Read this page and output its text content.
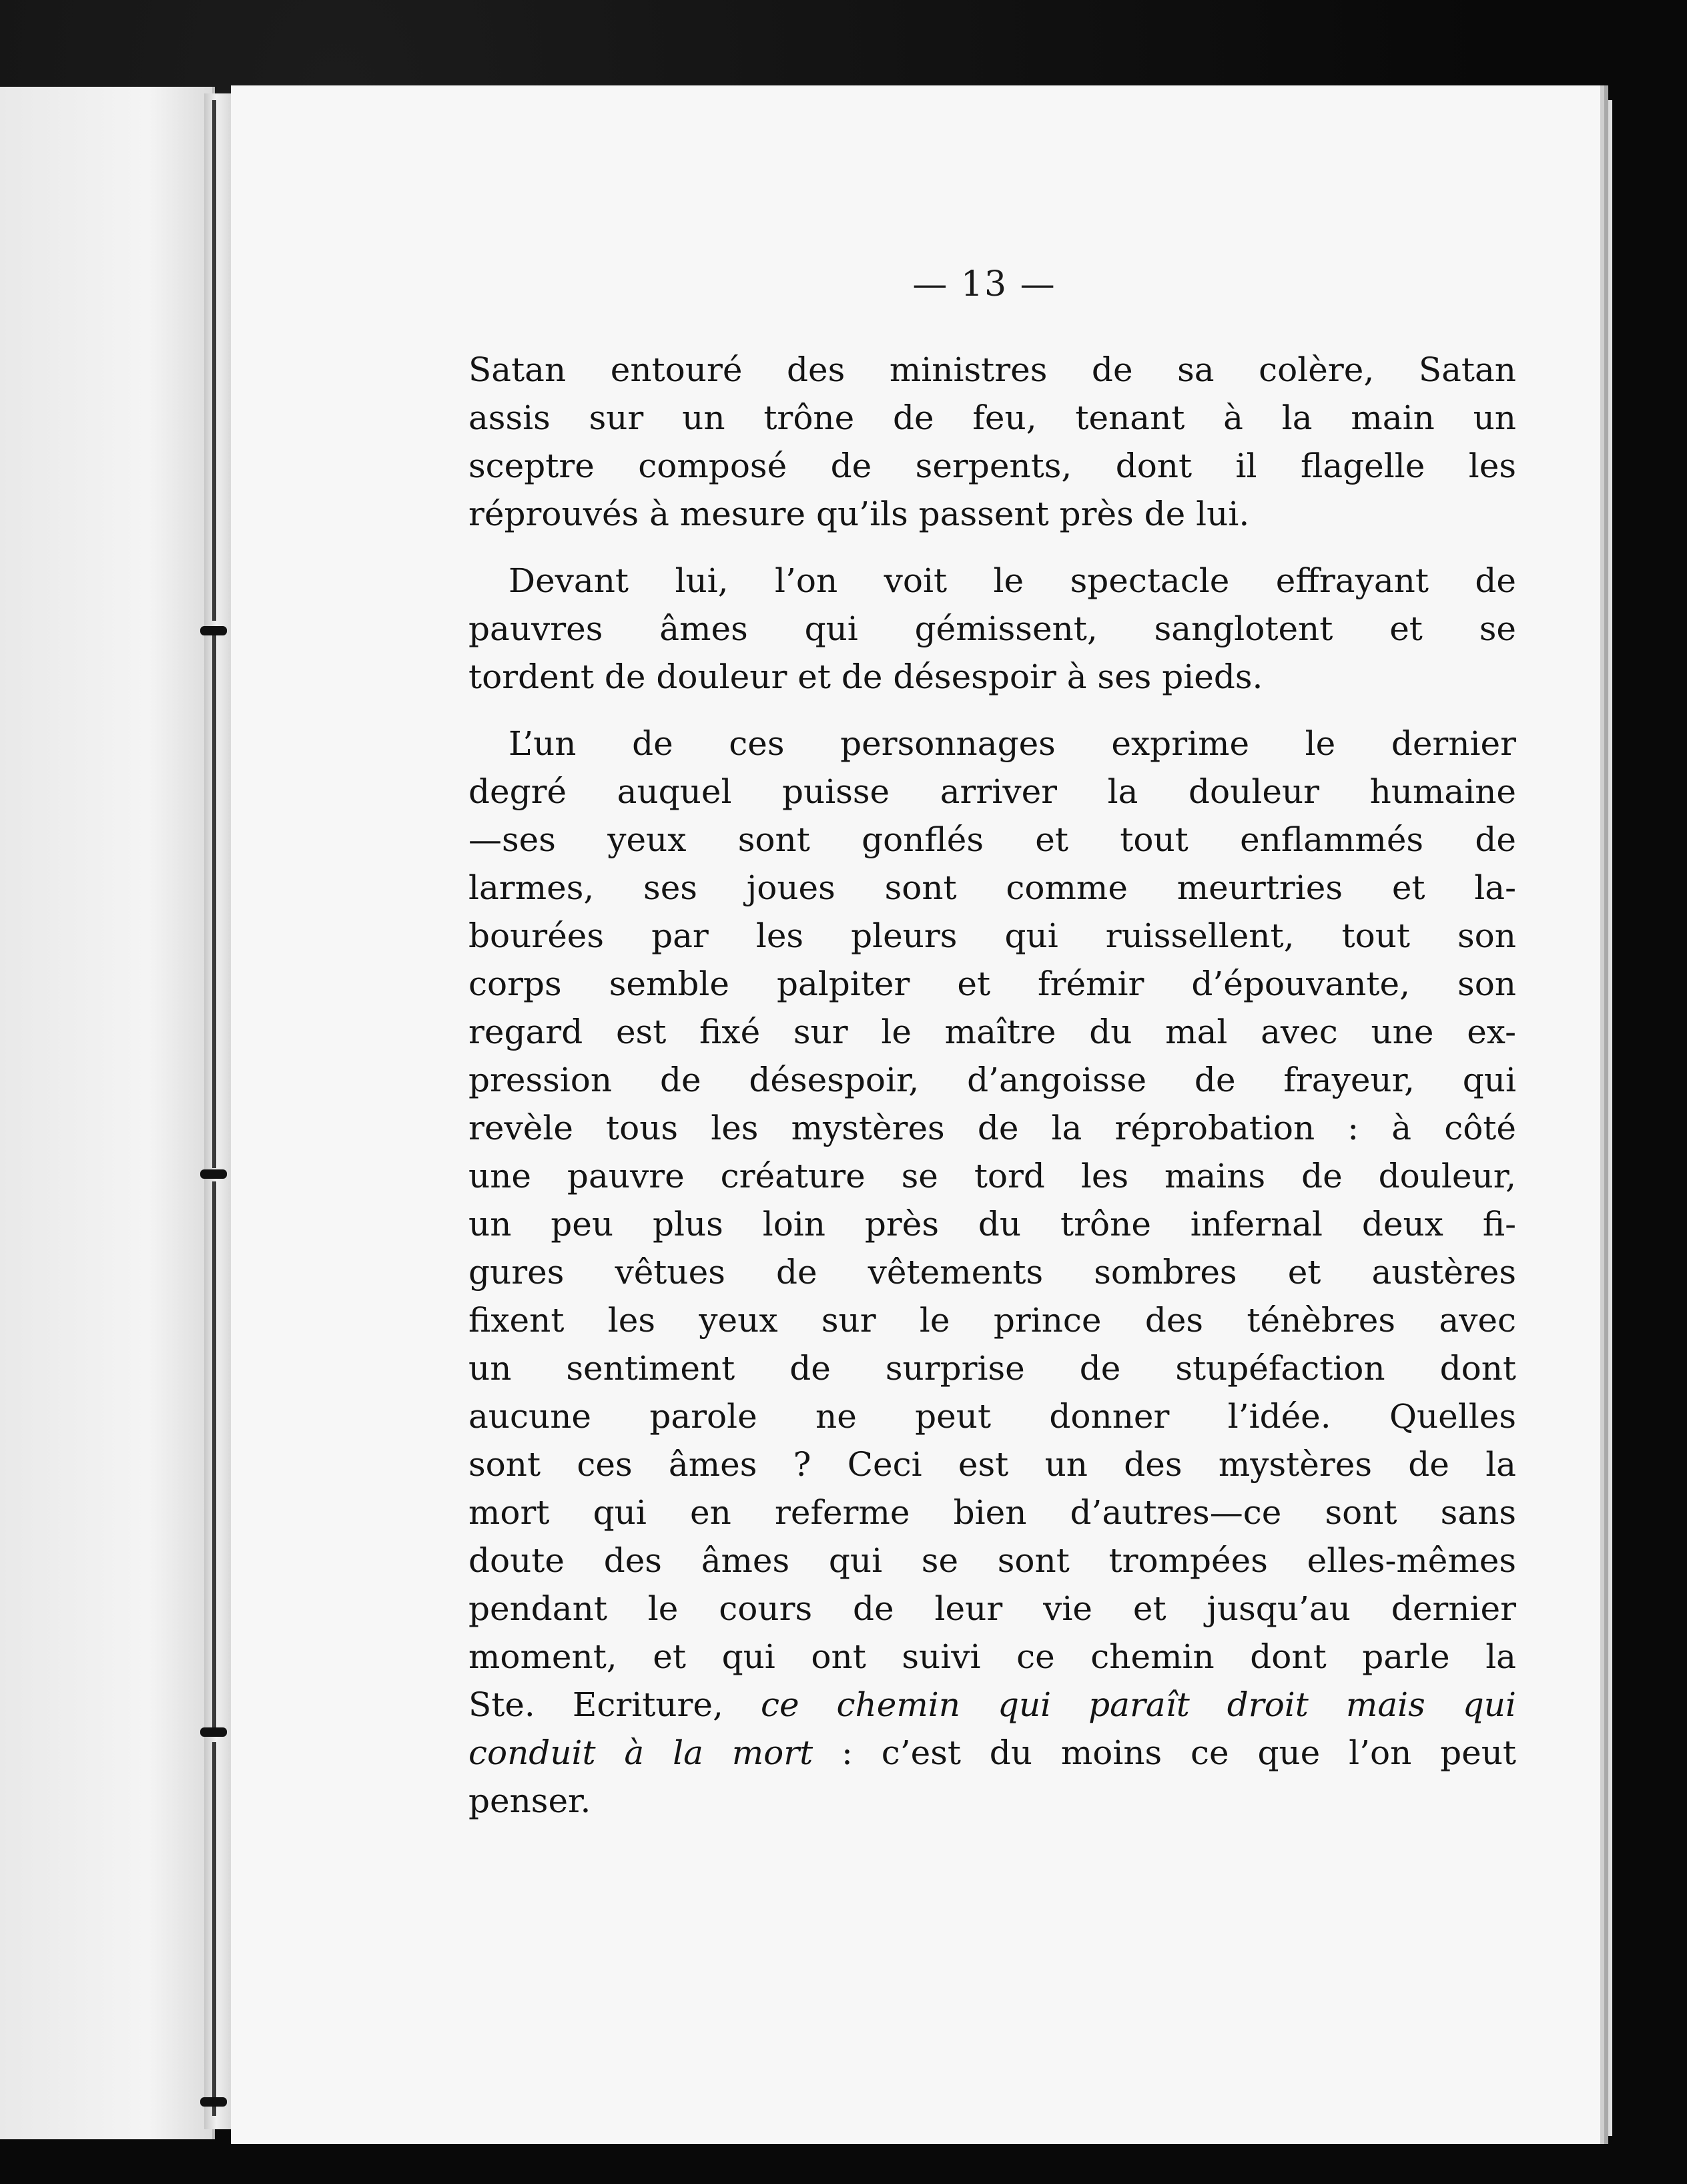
— 13 —
Satan entouré des ministres de sa colère, Satan
assis sur un trône de feu, tenant à la main un
sceptre composé de serpents, dont il flagelle les
réprouvés à mesure qu’ils passent près de lui.
Devant lui, l’on voit le spectacle effrayant de
pauvres âmes qui gémissent, sanglotent et se
tordent de douleur et de désespoir à ses pieds.
L’un de ces personnages exprime le dernier
degré auquel puisse arriver la douleur humaine
—ses yeux sont gonflés et tout enflammés de
larmes, ses joues sont comme meurtries et la-
bourées par les pleurs qui ruissellent, tout son
corps semble palpiter et frémir d’épouvante, son
regard est fixé sur le maître du mal avec une ex-
pression de désespoir, d’angoisse de frayeur, qui
revèle tous les mystères de la réprobation : à côté
une pauvre créature se tord les mains de douleur,
un peu plus loin près du trône infernal deux fi-
gures vêtues de vêtements sombres et austères
fixent les yeux sur le prince des ténèbres avec
un sentiment de surprise de stupéfaction dont
aucune parole ne peut donner l’idée. Quelles
sont ces âmes ? Ceci est un des mystères de la
mort qui en referme bien d’autres—ce sont sans
doute des âmes qui se sont trompées elles-mêmes
pendant le cours de leur vie et jusqu’au dernier
moment, et qui ont suivi ce chemin dont parle la
Ste. Ecriture, ce chemin qui paraît droit mais qui
conduit à la mort : c’est du moins ce que l’on peut
penser.
